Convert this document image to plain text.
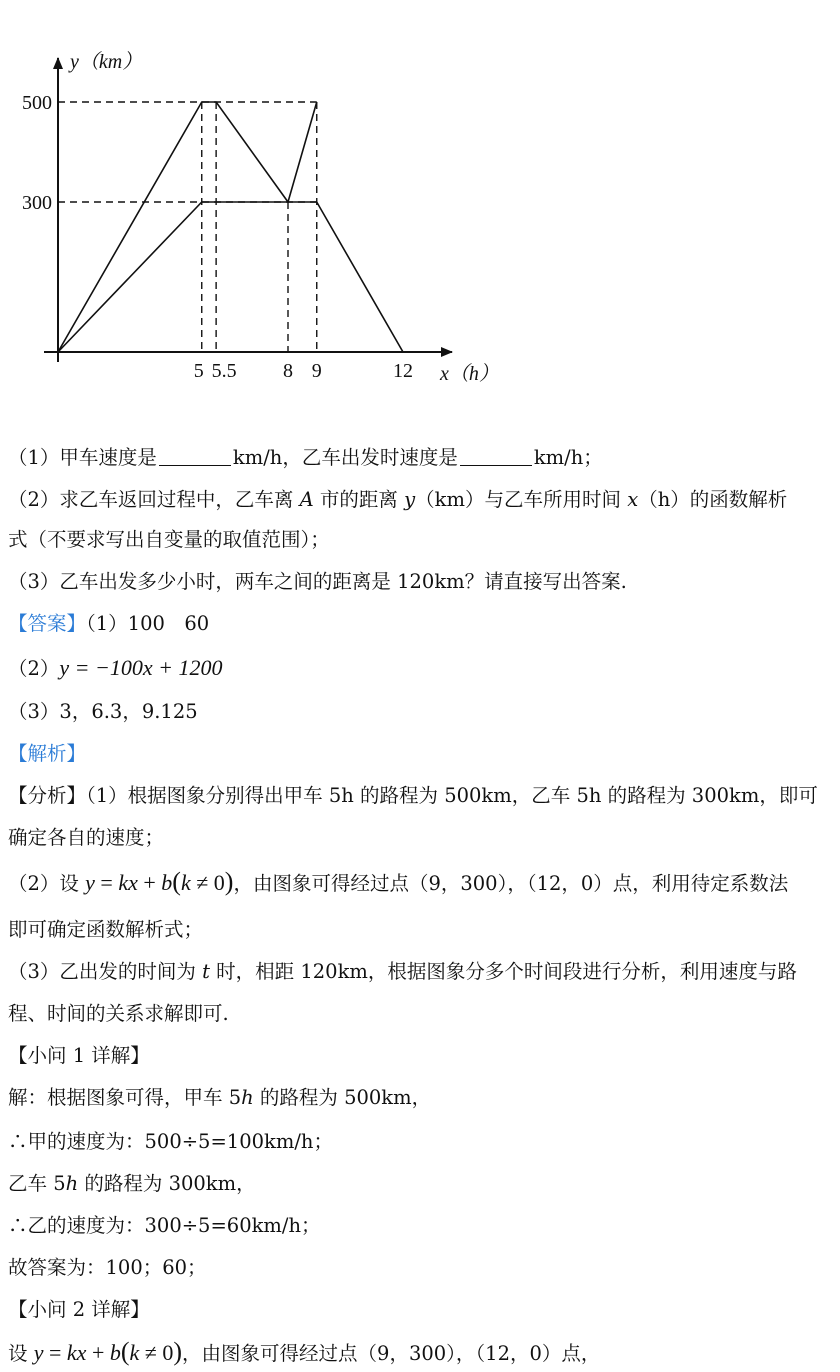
500
300
5 5.5 8 9	12
y（km）
x（h）
（1）甲车速度是	km/h，乙车出发时速度是	km/h；
（2）求乙车返回过程中，乙车离 A 市的距离 y（km）与乙车所用时间 x（h）的函数解析
式（不要求写出自变量的取值范围）；
（3）乙车出发多少小时，两车之间的距离是 120km？请直接写出答案.
【答案】（1）100　60
（2）y = −100x + 1200
（3）3，6.3，9.125
【解析】
【分析】（1）根据图象分别得出甲车 5h 的路程为 500km，乙车 5h 的路程为 300km，即可
确定各自的速度；
（2）设 y = kx + b(k ≠ 0)，由图象可得经过点（9，300），（12，0）点，利用待定系数法
即可确定函数解析式；
（3）乙出发的时间为 t 时，相距 120km，根据图象分多个时间段进行分析，利用速度与路
程、时间的关系求解即可.
【小问 1 详解】
解：根据图象可得，甲车 5h 的路程为 500km，
∴甲的速度为：500÷5=100km/h；
乙车 5h 的路程为 300km，
∴乙的速度为：300÷5=60km/h；
故答案为：100；60；
【小问 2 详解】
设 y = kx + b(k ≠ 0)，由图象可得经过点（9，300），（12，0）点，
